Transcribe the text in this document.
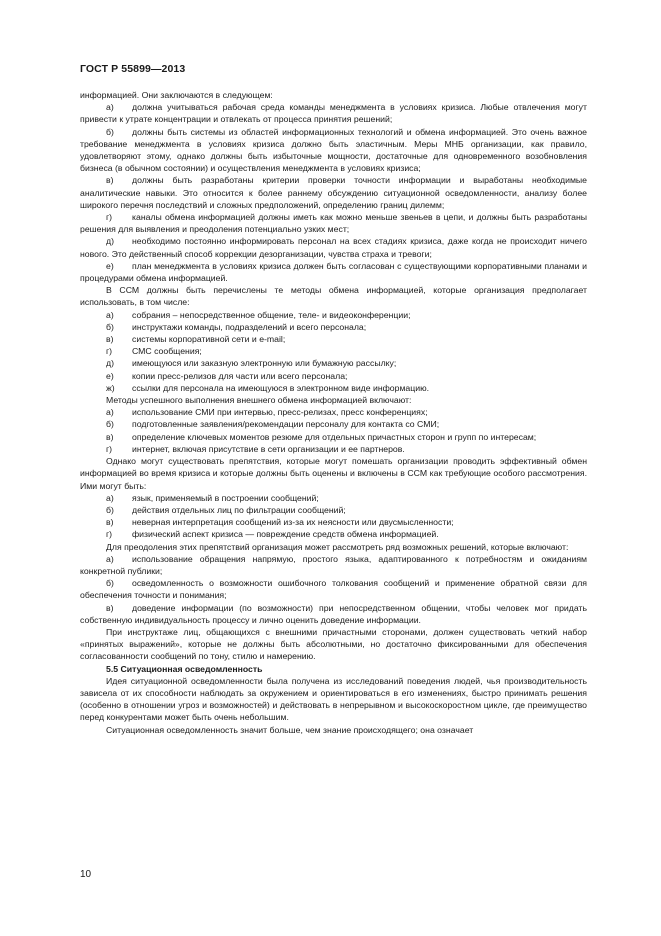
ГОСТ Р 55899—2013

информацией. Они заключаются в следующем:

а) должна учитываться рабочая среда команды менеджмента в условиях кризиса. Любые отвлечения могут привести к утрате концентрации и отвлекать от процесса принятия решений;

б) должны быть системы из областей информационных технологий и обмена информацией. Это очень важное требование менеджмента в условиях кризиса должно быть эластичным. Меры МНБ организации, как правило, удовлетворяют этому, однако должны быть избыточные мощности, достаточные для одновременного возобновления бизнеса (в обычном состоянии) и осуществления менеджмента в условиях кризиса;

в) должны быть разработаны критерии проверки точности информации и выработаны необходимые аналитические навыки. Это относится к более раннему обсуждению ситуационной осведомленности, анализу более широкого перечня последствий и сложных предположений, определению границ дилемм;

г) каналы обмена информацией должны иметь как можно меньше звеньев в цепи, и должны быть разработаны решения для выявления и преодоления потенциально узких мест;

д) необходимо постоянно информировать персонал на всех стадиях кризиса, даже когда не происходит ничего нового. Это действенный способ коррекции дезорганизации, чувства страха и тревоги;

е) план менеджмента в условиях кризиса должен быть согласован с существующими корпоративными планами и процедурами обмена информацией.

В ССМ должны быть перечислены те методы обмена информацией, которые организация предполагает использовать, в том числе:

а)	собрания – непосредственное общение, теле- и видеоконференции;
б)	инструктажи команды, подразделений и всего персонала;
в)	системы корпоративной сети и e-mail;
г)	СМС сообщения;
д)	имеющуюся или заказную электронную или бумажную рассылку;
е)	копии пресс-релизов для части или всего персонала;
ж)	ссылки для персонала на имеющуюся в электронном виде информацию.

Методы успешного выполнения внешнего обмена информацией включают:

а)	использование СМИ при интервью, пресс-релизах, пресс конференциях;
б)	подготовленные заявления/рекомендации персоналу для контакта со СМИ;

в) определение ключевых моментов резюме для отдельных причастных сторон и групп по интересам;

г)	интернет, включая присутствие в сети организации и ее партнеров.

Однако могут существовать препятствия, которые могут помешать организации проводить эффективный обмен информацией во время кризиса и которые должны быть оценены и включены в ССМ как требующие особого рассмотрения. Ими могут быть:

а)	язык, применяемый в построении сообщений;
б)	действия отдельных лиц по фильтрации сообщений;
в)	неверная интерпретация сообщений из-за их неясности или двусмысленности;
г)	физический аспект кризиса — повреждение средств обмена информацией.

Для преодоления этих препятствий организация может рассмотреть ряд возможных решений, которые включают:

а) использование обращения напрямую, простого языка, адаптированного к потребностям и ожиданиям конкретной публики;

б) осведомленность о возможности ошибочного толкования сообщений и применение обратной связи для обеспечения точности и понимания;

в) доведение информации (по возможности) при непосредственном общении, чтобы человек мог придать собственную индивидуальность процессу и лично оценить доведение информации.

При инструктаже лиц, общающихся с внешними причастными сторонами, должен существовать четкий набор «принятых выражений», которые не должны быть абсолютными, но достаточно фиксированными для обеспечения согласованности сообщений по тону, стилю и намерению.

5.5 Ситуационная осведомленность

Идея ситуационной осведомленности была получена из исследований поведения людей, чья производительность зависела от их способности наблюдать за окружением и ориентироваться в его изменениях, быстро принимать решения (особенно в отношении угроз и возможностей) и действовать в непрерывном и высокоскоростном цикле, где преимущество перед конкурентами может быть очень небольшим.

Ситуационная осведомленность значит больше, чем знание происходящего; она означает

10
